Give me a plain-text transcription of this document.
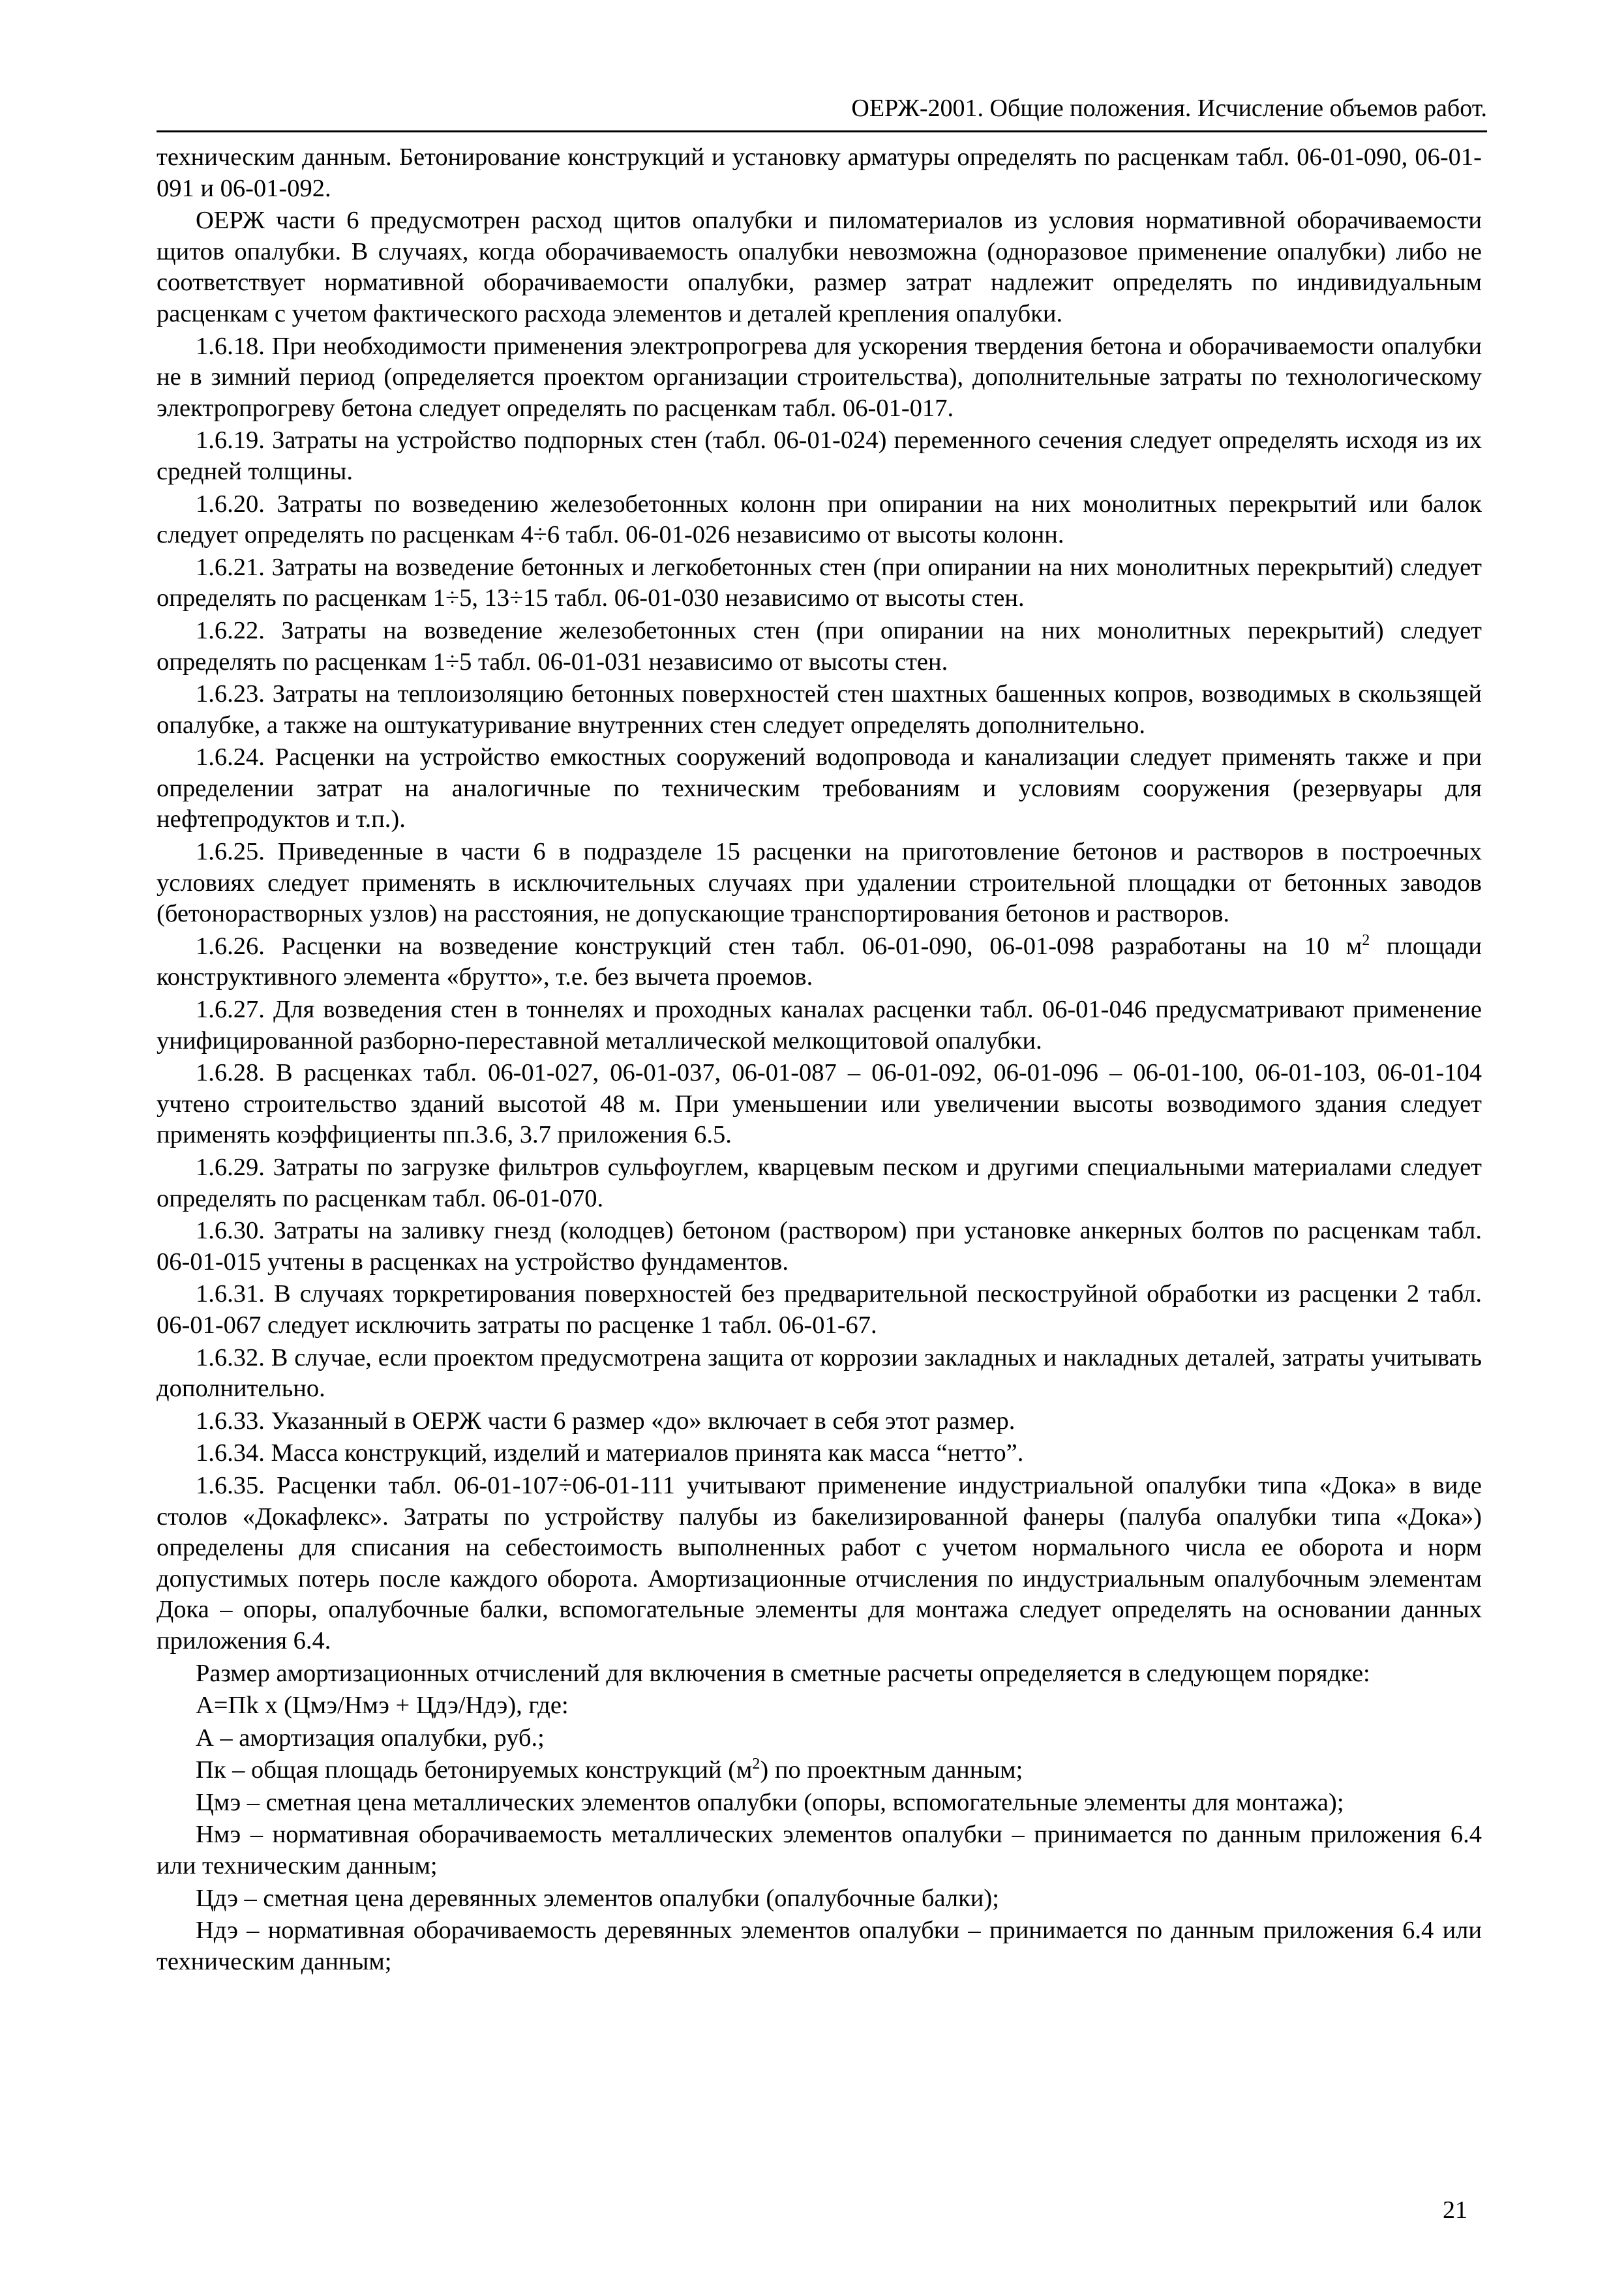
ОЕРЖ-2001. Общие положения. Исчисление объемов работ.

техническим данным. Бетонирование конструкций и установку арматуры определять по расценкам табл. 06-01-090, 06-01-091 и 06-01-092.

ОЕРЖ части 6 предусмотрен расход щитов опалубки и пиломатериалов из условия нормативной оборачиваемости щитов опалубки. В случаях, когда оборачиваемость опалубки невозможна (одноразовое применение опалубки) либо не соответствует нормативной оборачиваемости опалубки, размер затрат надлежит определять по индивидуальным расценкам с учетом фактического расхода элементов и деталей крепления опалубки.

1.6.18. При необходимости применения электропрогрева для ускорения твердения бетона и оборачиваемости опалубки не в зимний период (определяется проектом организации строительства), дополнительные затраты по технологическому электропрогреву бетона следует определять по расценкам табл. 06-01-017.

1.6.19. Затраты на устройство подпорных стен (табл. 06-01-024) переменного сечения следует определять исходя из их средней толщины.

1.6.20. Затраты по возведению железобетонных колонн при опирании на них монолитных перекрытий или балок следует определять по расценкам 4÷6 табл. 06-01-026 независимо от высоты колонн.

1.6.21. Затраты на возведение бетонных и легкобетонных стен (при опирании на них монолитных перекрытий) следует определять по расценкам 1÷5, 13÷15 табл. 06-01-030 независимо от высоты стен.

1.6.22. Затраты на возведение железобетонных стен (при опирании на них монолитных перекрытий) следует определять по расценкам 1÷5 табл. 06-01-031 независимо от высоты стен.

1.6.23. Затраты на теплоизоляцию бетонных поверхностей стен шахтных башенных копров, возводимых в скользящей опалубке, а также на оштукатуривание внутренних стен следует определять дополнительно.

1.6.24. Расценки на устройство емкостных сооружений водопровода и канализации следует применять также и при определении затрат на аналогичные по техническим требованиям и условиям сооружения (резервуары для нефтепродуктов и т.п.).

1.6.25. Приведенные в части 6 в подразделе 15 расценки на приготовление бетонов и растворов в построечных условиях следует применять в исключительных случаях при удалении строительной площадки от бетонных заводов (бетонорастворных узлов) на расстояния, не допускающие транспортирования бетонов и растворов.

1.6.26. Расценки на возведение конструкций стен табл. 06-01-090, 06-01-098 разработаны на 10 $м^2$ площади конструктивного элемента «брутто», т.е. без вычета проемов.

1.6.27. Для возведения стен в тоннелях и проходных каналах расценки табл. 06-01-046 предусматривают применение унифицированной разборно-переставной металлической мелкощитовой опалубки.

1.6.28. В расценках табл. 06-01-027, 06-01-037, 06-01-087 – 06-01-092, 06-01-096 – 06-01-100, 06-01-103, 06-01-104 учтено строительство зданий высотой 48 м. При уменьшении или увеличении высоты возводимого здания следует применять коэффициенты пп.3.6, 3.7 приложения 6.5.

1.6.29. Затраты по загрузке фильтров сульфоуглем, кварцевым песком и другими специальными материалами следует определять по расценкам табл. 06-01-070.

1.6.30. Затраты на заливку гнезд (колодцев) бетоном (раствором) при установке анкерных болтов по расценкам табл. 06-01-015 учтены в расценках на устройство фундаментов.

1.6.31. В случаях торкретирования поверхностей без предварительной пескоструйной обработки из расценки 2 табл. 06-01-067 следует исключить затраты по расценке 1 табл. 06-01-67.

1.6.32. В случае, если проектом предусмотрена защита от коррозии закладных и накладных деталей, затраты учитывать дополнительно.

1.6.33. Указанный в ОЕРЖ части 6 размер «до» включает в себя этот размер.

1.6.34. Масса конструкций, изделий и материалов принята как масса “нетто”.

1.6.35. Расценки табл. 06-01-107÷06-01-111 учитывают применение индустриальной опалубки типа «Дока» в виде столов «Докафлекс». Затраты по устройству палубы из бакелизированной фанеры (палуба опалубки типа «Дока») определены для списания на себестоимость выполненных работ с учетом нормального числа ее оборота и норм допустимых потерь после каждого оборота. Амортизационные отчисления по индустриальным опалубочным элементам Дока – опоры, опалубочные балки, вспомогательные элементы для монтажа следует определять на основании данных приложения 6.4.

Размер амортизационных отчислений для включения в сметные расчеты определяется в следующем порядке:

А=Пk х (Цмэ/Нмэ + Цдэ/Ндэ), где:

А – амортизация опалубки, руб.;

Пк – общая площадь бетонируемых конструкций $(м^2)$ по проектным данным;

Цмэ – сметная цена металлических элементов опалубки (опоры, вспомогательные элементы для монтажа);

Нмэ – нормативная оборачиваемость металлических элементов опалубки – принимается по данным приложения 6.4 или техническим данным;

Цдэ – сметная цена деревянных элементов опалубки (опалубочные балки);

Ндэ – нормативная оборачиваемость деревянных элементов опалубки – принимается по данным приложения 6.4 или техническим данным;

21
